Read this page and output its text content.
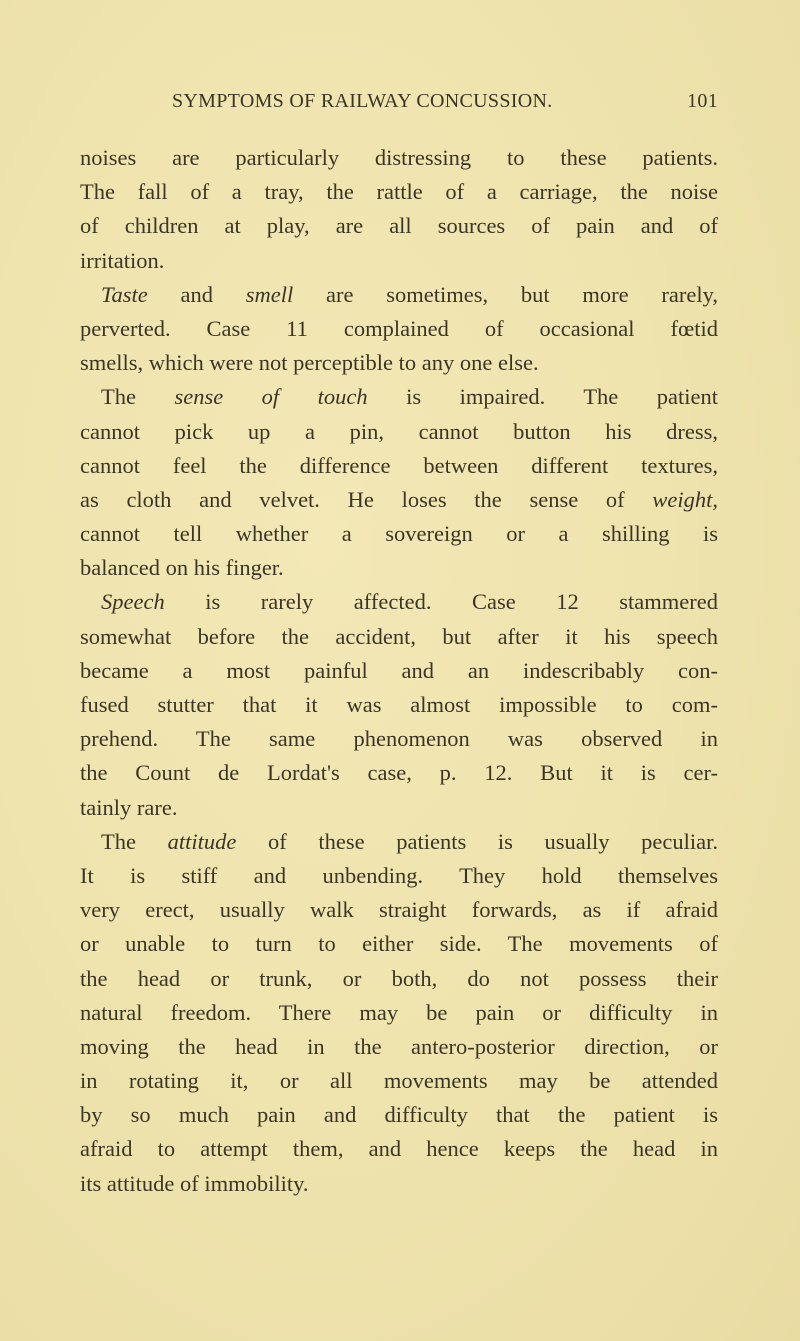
SYMPTOMS OF RAILWAY CONCUSSION.	101
noises are particularly distressing to these patients.
The fall of a tray, the rattle of a carriage, the noise
of children at play, are all sources of pain and of
irritation.
Taste and smell are sometimes, but more rarely,
perverted. Case 11 complained of occasional fœtid
smells, which were not perceptible to any one else.
The sense of touch is impaired. The patient
cannot pick up a pin, cannot button his dress,
cannot feel the difference between different textures,
as cloth and velvet. He loses the sense of weight,
cannot tell whether a sovereign or a shilling is
balanced on his finger.
Speech is rarely affected. Case 12 stammered
somewhat before the accident, but after it his speech
became a most painful and an indescribably con-
fused stutter that it was almost impossible to com-
prehend. The same phenomenon was observed in
the Count de Lordat's case, p. 12. But it is cer-
tainly rare.
The attitude of these patients is usually peculiar.
It is stiff and unbending. They hold themselves
very erect, usually walk straight forwards, as if afraid
or unable to turn to either side. The movements of
the head or trunk, or both, do not possess their
natural freedom. There may be pain or difficulty in
moving the head in the antero-posterior direction, or
in rotating it, or all movements may be attended
by so much pain and difficulty that the patient is
afraid to attempt them, and hence keeps the head in
its attitude of immobility.
